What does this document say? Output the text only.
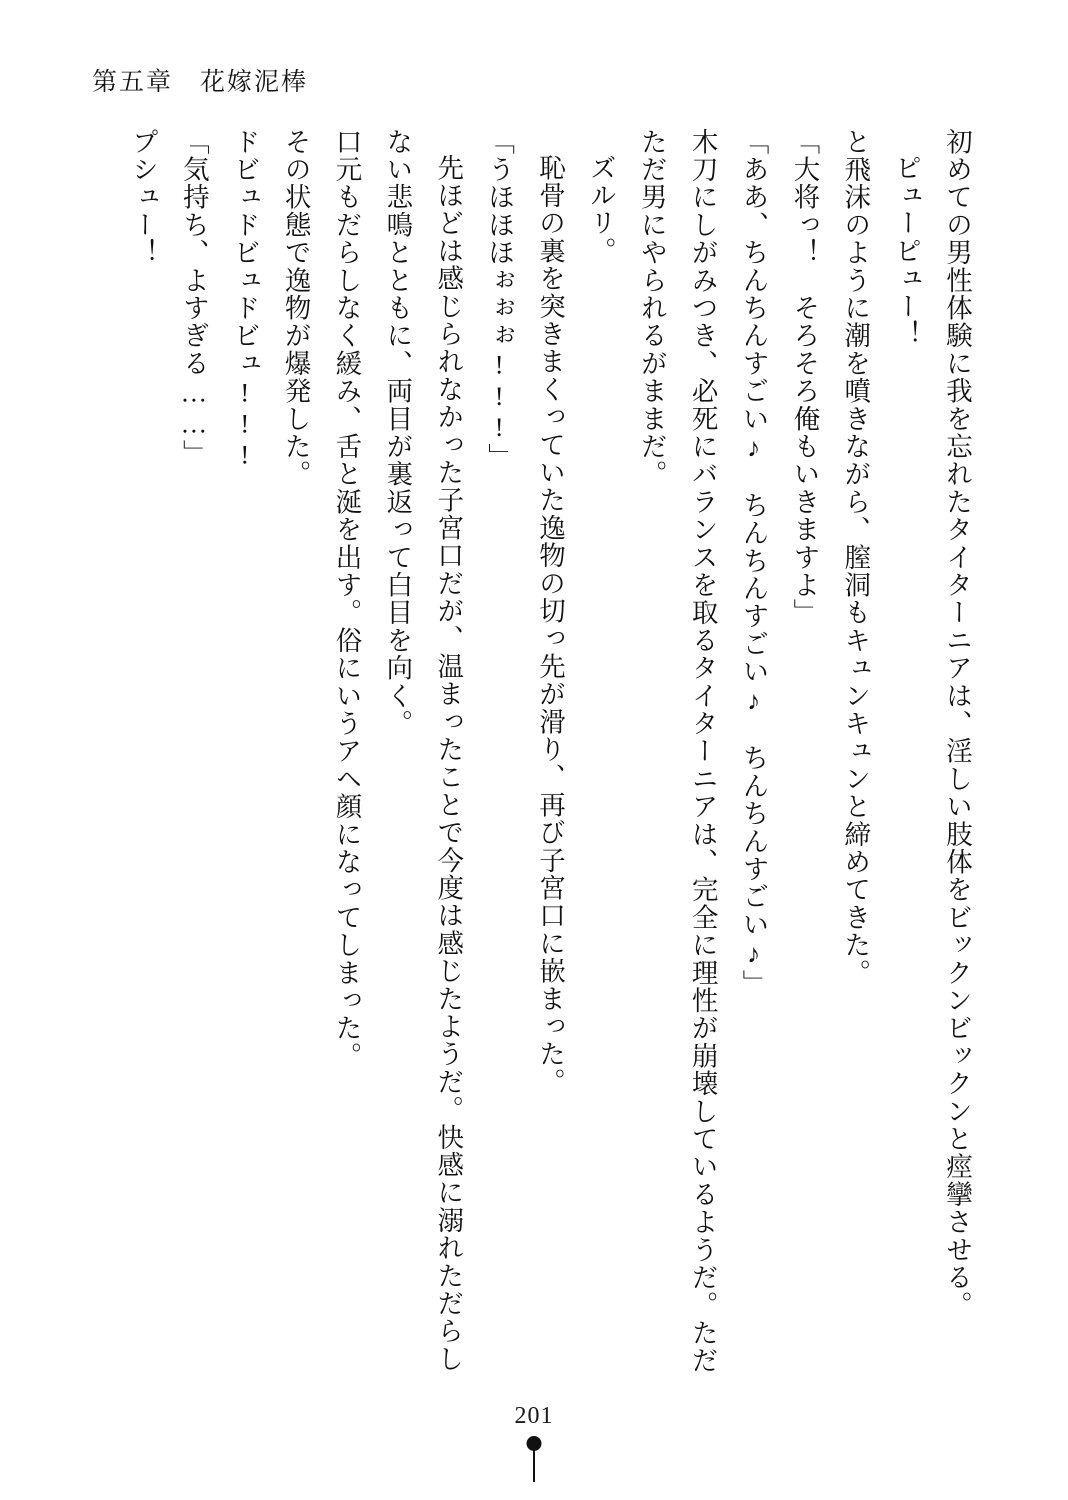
第五章　花嫁泥棒

初めての男性体験に我を忘れたタイターニアは、淫しい肢体をビックンビックンと痙攣させる。

ピューピュー！

と飛沫のように潮を噴きながら、膣洞もキュンキュンと締めてきた。

「大将っ！　そろそろ俺もいきますよ」

「ああ、ちんちんすごい♪　ちんちんすごい♪　ちんちんすごい♪」

木刀にしがみつき、必死にバランスを取るタイターニアは、完全に理性が崩壊しているようだ。ただただ男にやられるがままだ。

ズルリ。

恥骨の裏を突きまくっていた逸物の切っ先が滑り、再び子宮口に嵌まった。

「うほほほぉぉぉ!!!」

先ほどは感じられなかった子宮口だが、温まったことで今度は感じたようだ。快感に溺れただらしない悲鳴とともに、両目が裏返って白目を向く。

口元もだらしなく緩み、舌と涎を出す。俗にいうアヘ顔になってしまった。

その状態で逸物が爆発した。

ドビュドビュドビュ!!!

「気持ち、よすぎる……」

プシュー！

201
